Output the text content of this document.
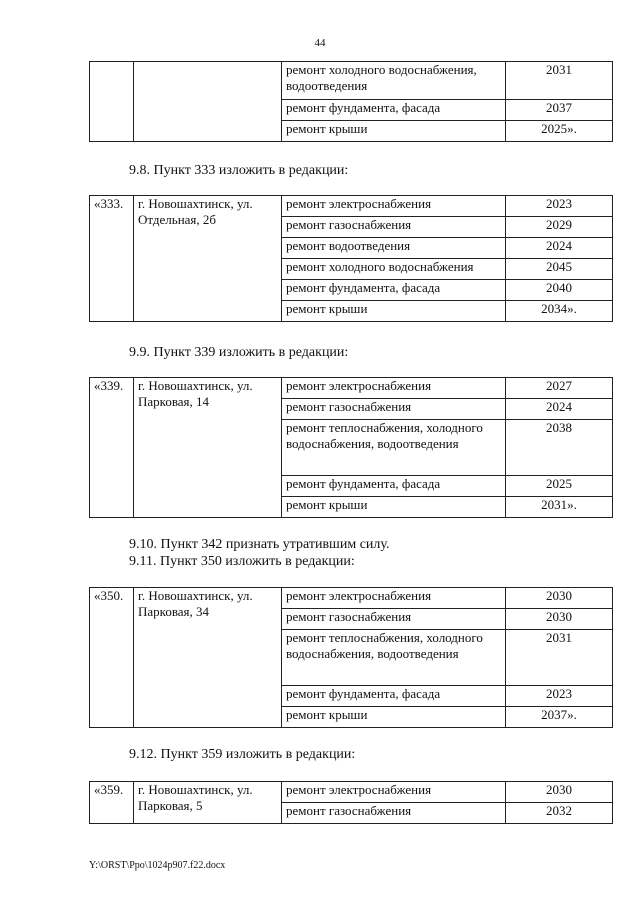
44
		ремонт холодного водоснабжения, водоотведения	2031
		ремонт фундамента, фасада	2037
		ремонт крыши	2025».
9.8. Пункт 333 изложить в редакции:
«333.	г. Новошахтинск, ул. Отдельная, 2б	ремонт электроснабжения	2023
		ремонт газоснабжения	2029
		ремонт водоотведения	2024
		ремонт холодного водоснабжения	2045
		ремонт фундамента, фасада	2040
		ремонт крыши	2034».
9.9. Пункт 339 изложить в редакции:
«339.	г. Новошахтинск, ул. Парковая, 14	ремонт электроснабжения	2027
		ремонт газоснабжения	2024
		ремонт теплоснабжения, холодного водоснабжения, водоотведения	2038
		ремонт фундамента, фасада	2025
		ремонт крыши	2031».
9.10. Пункт 342 признать утратившим силу.
9.11. Пункт 350 изложить в редакции:
«350.	г. Новошахтинск, ул. Парковая, 34	ремонт электроснабжения	2030
		ремонт газоснабжения	2030
		ремонт теплоснабжения, холодного водоснабжения, водоотведения	2031
		ремонт фундамента, фасада	2023
		ремонт крыши	2037».
9.12. Пункт 359 изложить в редакции:
«359.	г. Новошахтинск, ул. Парковая, 5	ремонт электроснабжения	2030
		ремонт газоснабжения	2032
Y:\ORST\Ppo\1024p907.f22.docx
